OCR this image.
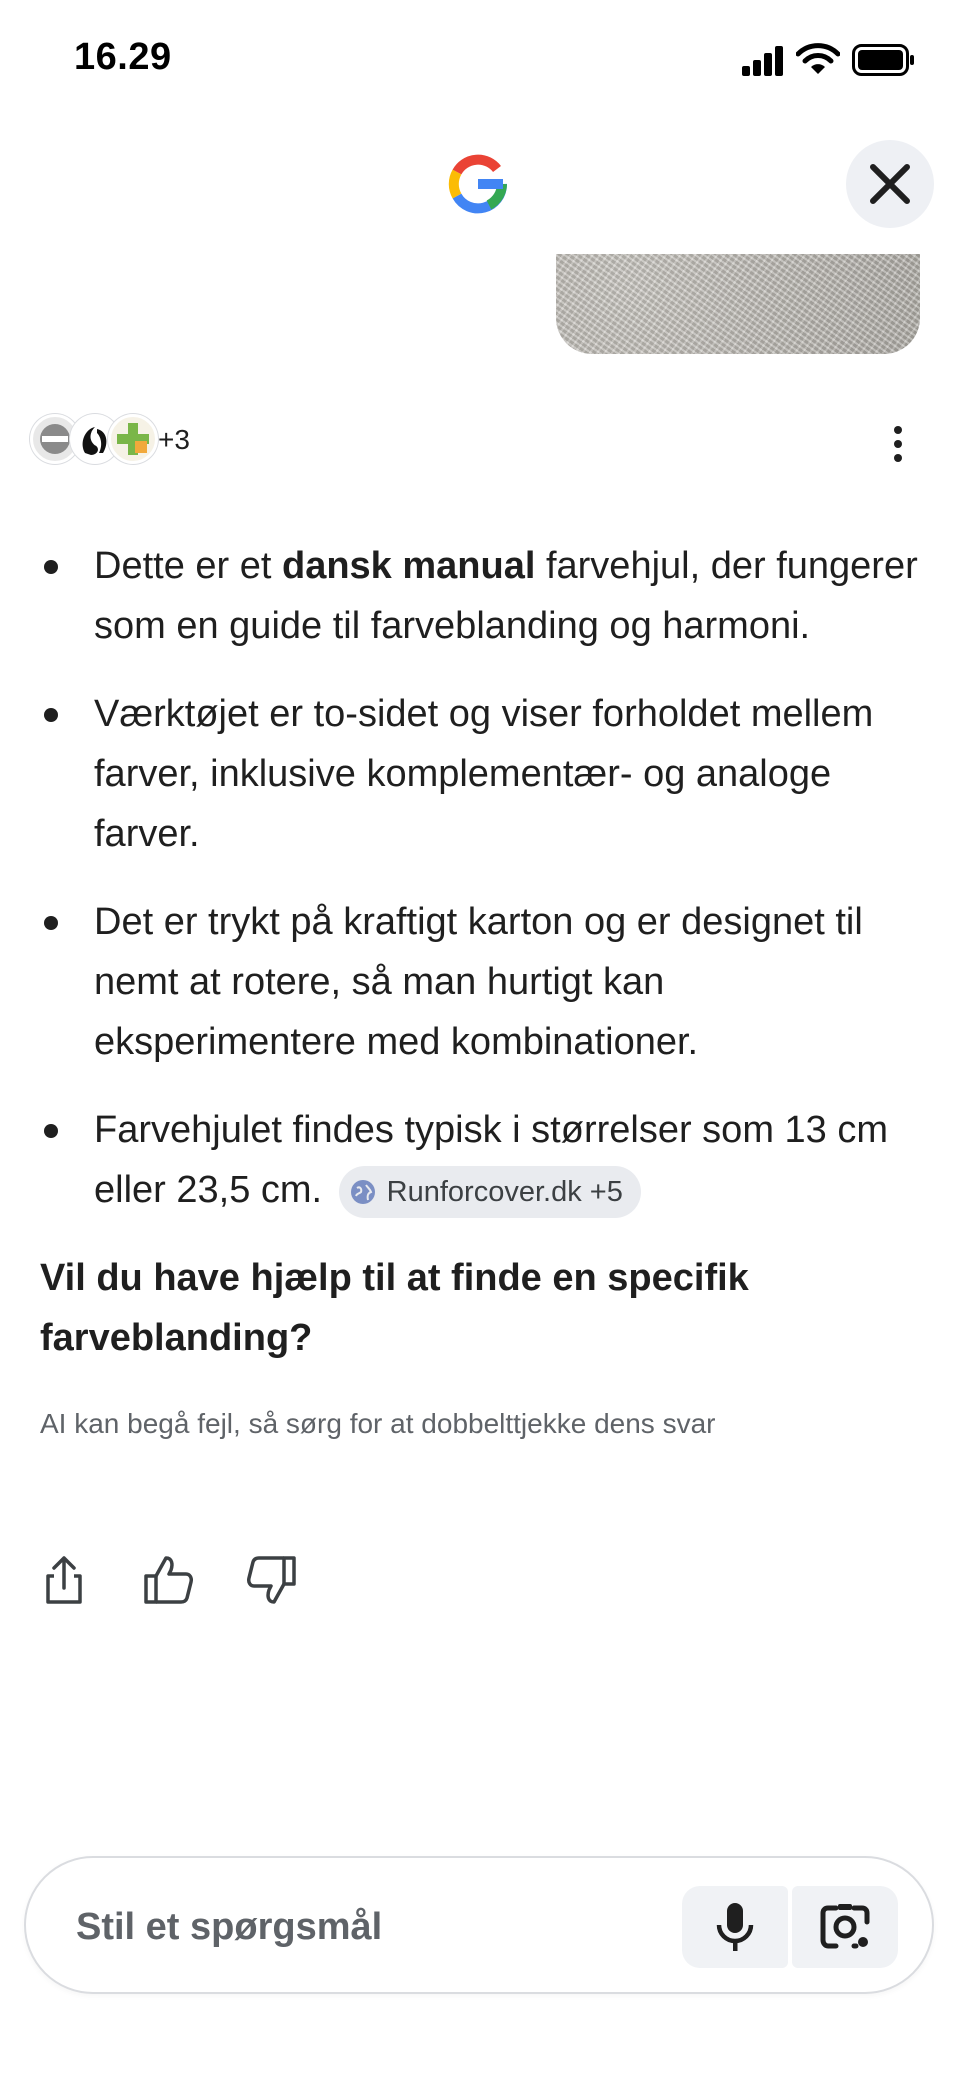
16.29
+3
Dette er et dansk manual farvehjul, der fungerer som en guide til farveblanding og harmoni.
Værktøjet er to-sidet og viser forholdet mellem farver, inklusive komplementær- og analoge farver.
Det er trykt på kraftigt karton og er designet til nemt at rotere, så man hurtigt kan eksperimentere med kombinationer.
Farvehjulet findes typisk i størrelser som 13 cm eller 23,5 cm. Runforcover.dk +5
Vil du have hjælp til at finde en specifik farveblanding?
AI kan begå fejl, så sørg for at dobbelttjekke dens svar
Stil et spørgsmål
